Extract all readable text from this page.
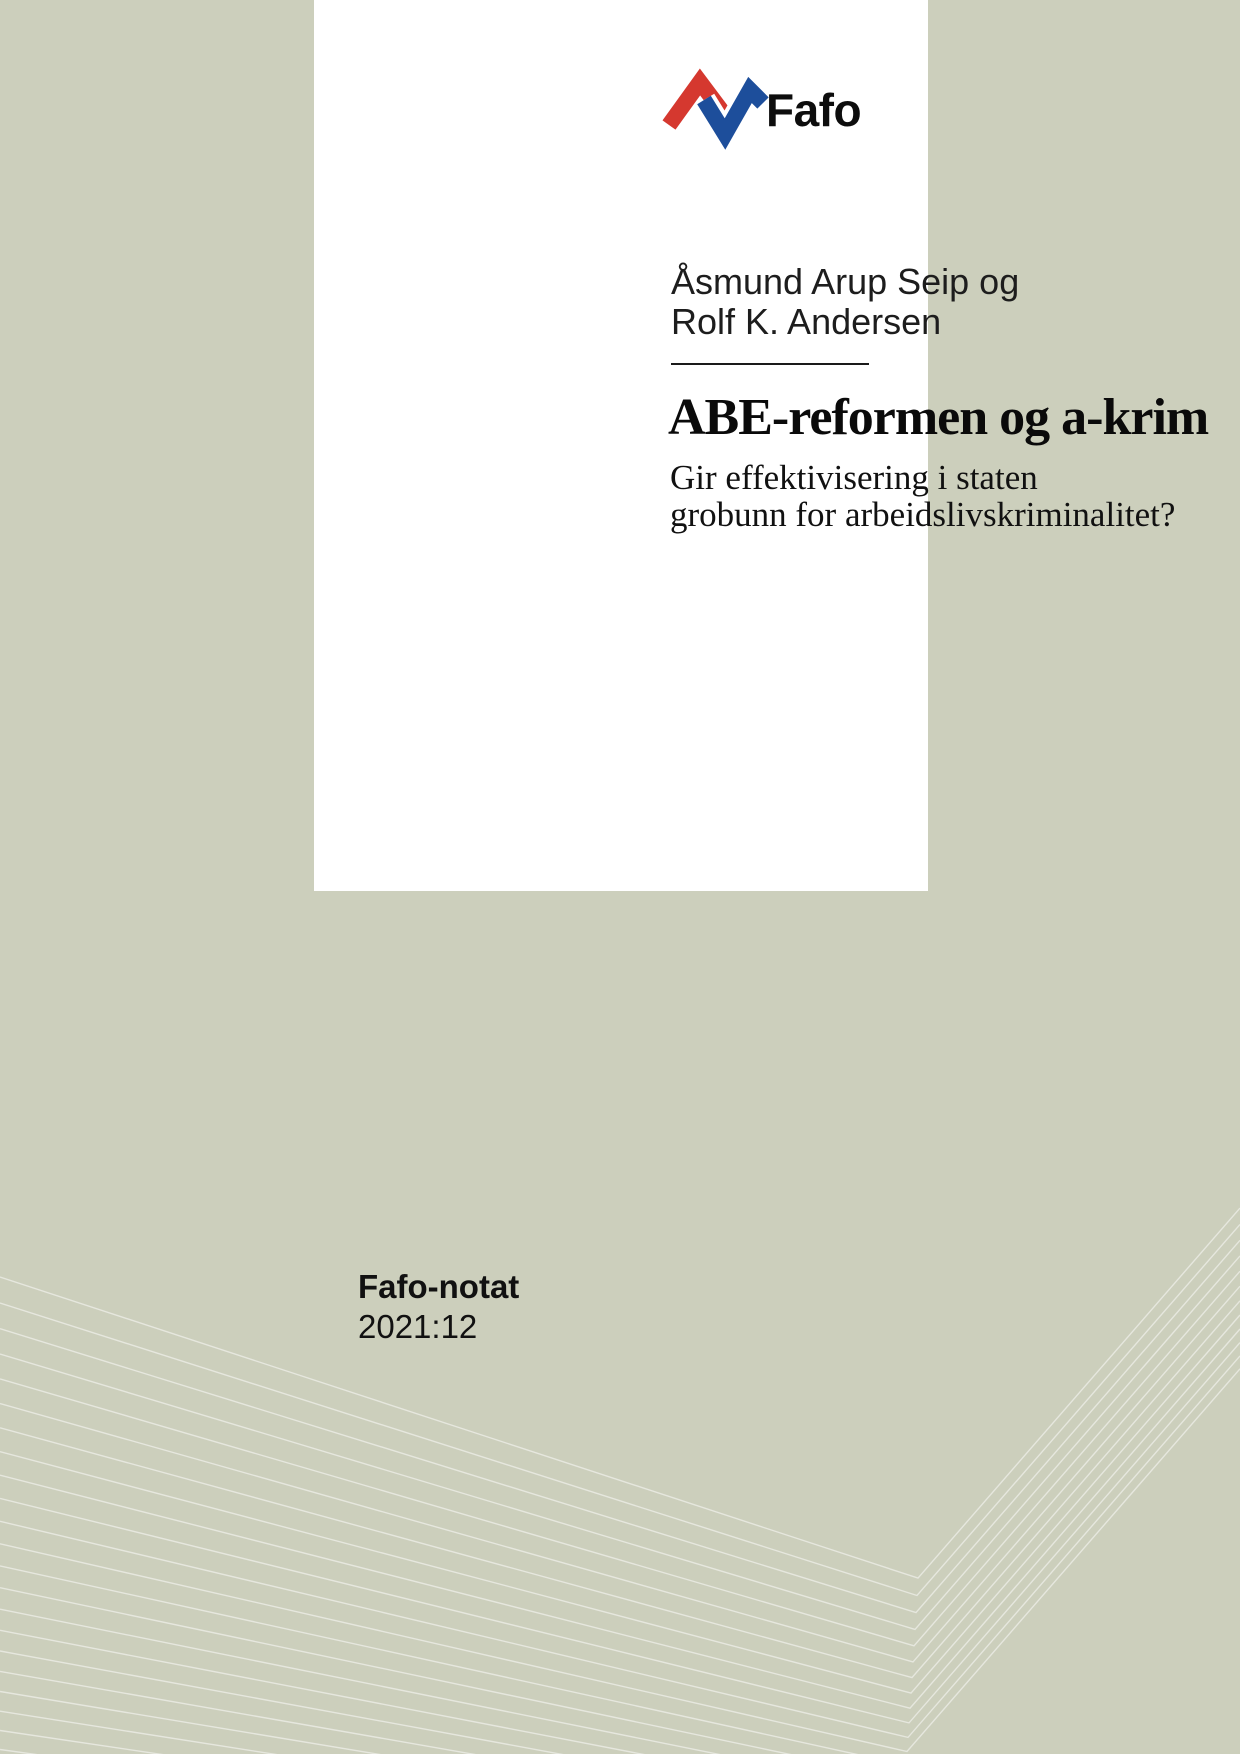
Fafo
Åsmund Arup Seip og
Rolf K. Andersen
ABE-reformen og a-krim
Gir effektivisering i staten
grobunn for arbeidslivskriminalitet?
Fafo-notat
2021:12
